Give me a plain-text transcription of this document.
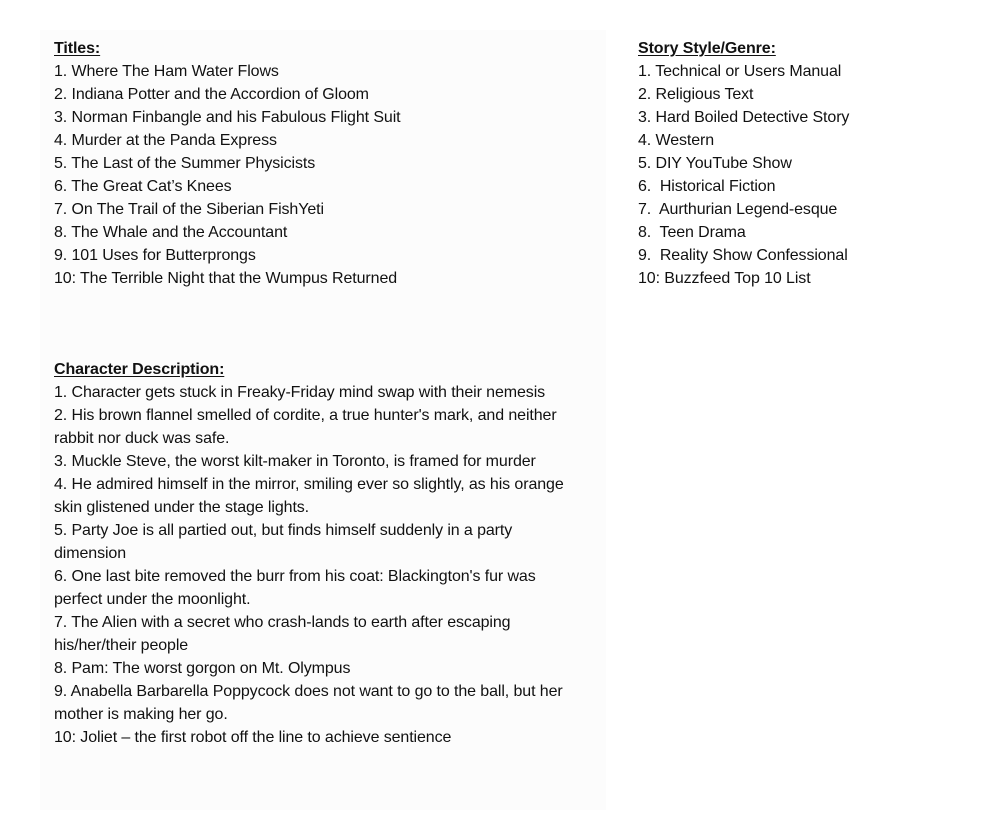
Titles:
1. Where The Ham Water Flows
2. Indiana Potter and the Accordion of Gloom
3. Norman Finbangle and his Fabulous Flight Suit
4. Murder at the Panda Express
5. The Last of the Summer Physicists
6. The Great Cat’s Knees
7. On The Trail of the Siberian FishYeti
8. The Whale and the Accountant
9. 101 Uses for Butterprongs
10: The Terrible Night that the Wumpus Returned
Story Style/Genre:
1. Technical or Users Manual
2. Religious Text
3. Hard Boiled Detective Story
4. Western
5. DIY YouTube Show
6.  Historical Fiction
7.  Aurthurian Legend-esque
8.  Teen Drama
9.  Reality Show Confessional
10: Buzzfeed Top 10 List
Character Description:
1. Character gets stuck in Freaky-Friday mind swap with their nemesis
2. His brown flannel smelled of cordite, a true hunter's mark, and neither rabbit nor duck was safe.
3. Muckle Steve, the worst kilt-maker in Toronto, is framed for murder
4. He admired himself in the mirror, smiling ever so slightly, as his orange skin glistened under the stage lights.
5. Party Joe is all partied out, but finds himself suddenly in a party dimension
6. One last bite removed the burr from his coat: Blackington's fur was perfect under the moonlight.
7. The Alien with a secret who crash-lands to earth after escaping his/her/their people
8. Pam: The worst gorgon on Mt. Olympus
9. Anabella Barbarella Poppycock does not want to go to the ball, but her mother is making her go.
10: Joliet – the first robot off the line to achieve sentience
